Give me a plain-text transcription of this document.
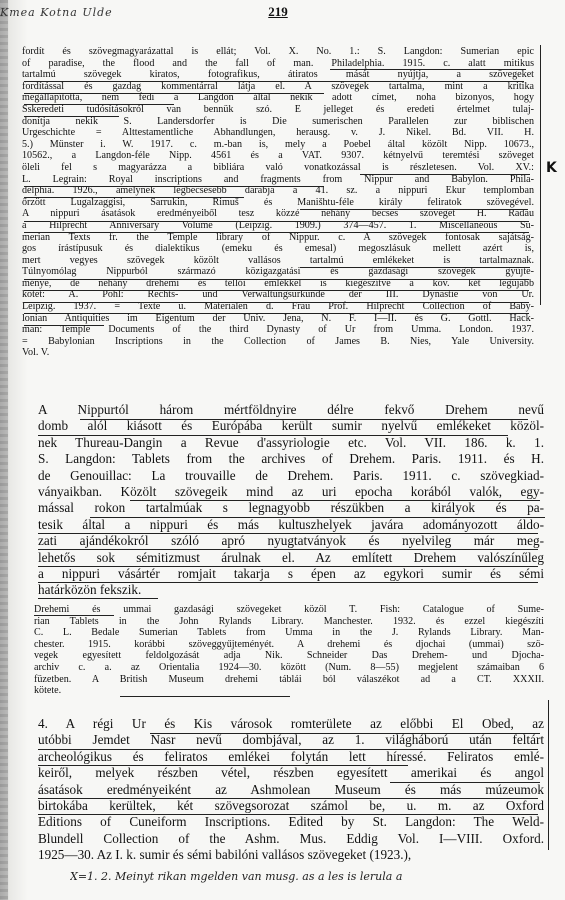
Kmea Kotna Ulde	219
fordít és szövegmagyarázattal is ellát; Vol. X. No. 1.: S. Langdon: Sumerian epic
of paradise, the flood and the fall of man. Philadelphia. 1915. c. alatt mitikus
tartalmú szövegek kiratos, fotografikus, átiratos mását nyújtja, a szövegeket
fordítással és gazdag kommentárral látja el. A szövegek tartalma, mint a kritika
megállapította, nem fedi a Langdon által nekik adott címet, noha bizonyos, hogy
Sskeredeti tudósításokról van bennük szó. E jelleget és eredeti értelmet tulaj-
donítja nekik S. Landersdorfer is Die sumerischen Parallelen zur biblischen
Urgeschichte = Alttestamentliche Abhandlungen, herausg. v. J. Nikel. Bd. VII. H.
5.) Münster i. W. 1917. c. m.-ban is, mely a Poebel által közölt Nipp. 10673.,
10562., a Langdon-féle Nipp. 4561 és a VAT. 9307. kétnyelvű teremtési szöveget
öleli fel s magyarázza a bibliára való vonatkozással is részletesen. Vol. XV.:
L. Legrain: Royal inscriptions and fragments from Nippur and Babylon. Phila-
delphia. 1926., amelynek legbecsesebb darabja a 41. sz. a nippuri Ekur templomban
őrzött Lugalzaggisi, Sarrukin, Rimuš és Manišhtu-féle király feliratok szövegével.
A nippuri ásatások eredményeiből tesz közzé nehány becses szöveget H. Radau
a Hilprecht Anniversary Volume (Leipzig. 1909.) 374—457. 1. Miscellaneous Su-
merian Texts fr. the Temple library of Nippur. c. A szövegek fontosak sajátság-
gos írástípusuk és dialektikus (emeku és emesal) megoszlásuk mellett azért is,
mert vegyes szövegek közölt vallásos tartalmú emlékeket is tartalmaznak.
Túlnyomólag Nippurból származó közigazgatási és gazdasági szövegek gyűjte-
ménye, de nehány drehemi és tellói emlékkel is kiegészítve a köv. két legújabb
kötet: A. Pohl: Rechts- und Verwaltungsurkunde der III. Dynastie von Ur.
Leipzig. 1937. = Texte u. Materialen d. Frau Prof. Hilprecht Collection of Baby-
lonian Antiquities im Eigentum der Univ. Jena, N. F. I—II. és G. Gottl. Hack-
man: Temple Documents of the third Dynasty of Ur from Umma. London. 1937.
= Babylonian Inscriptions in the Collection of James B. Nies, Yale University.
Vol. V.
A Nippurtól három mértföldnyire délre fekvő Drehem nevű
domb alól kiásott és Európába került sumir nyelvű emlékeket közöl-
nek Thureau-Dangin a Revue d'assyriologie etc. Vol. VII. 186. k. 1.
S. Langdon: Tablets from the archives of Drehem. Paris. 1911. és H.
de Genouillac: La trouvaille de Drehem. Paris. 1911. c. szövegkiad-
ványaikban. Közölt szövegeik mind az uri epocha korából valók, egy-
mással rokon tartalmúak s legnagyobb részükben a királyok és pa-
tesik által a nippuri és más kultuszhelyek javára adományozott áldo-
zati ajándékokról szóló apró nyugtatványok és nyelvileg már meg-
lehetős sok sémitizmust árulnak el. Az említett Drehem valószínűleg
a nippuri vásártér romjait takarja s épen az egykori sumir és sémi
határközön fekszik.
Drehemi és ummai gazdasági szövegeket közöl T. Fish: Catalogue of Sume-
rian Tablets in the John Rylands Library. Manchester. 1932. és ezzel kiegészíti
C. L. Bedale Sumerian Tablets from Umma in the J. Rylands Library. Man-
chester. 1915. korábbi szöveggyűjteményét. A drehemi és djochai (ummai) szö-
vegek egyesített feldolgozását adja Nik. Schneider Das Drehem- und Djocha-
archiv c. a. az Orientalia 1924—30. között (Num. 8—55) megjelent számaiban 6
füzetben. A British Museum drehemi táblái ból válaszékot ad a CT. XXXII.
kötete.
4. A régi Ur és Kis városok romterülete az előbbi El Obed, az
utóbbi Jemdet Nasr nevű dombjával, az 1. világháború után feltárt
archeológikus és feliratos emlékei folytán lett híressé. Feliratos emlé-
keiről, melyek részben vétel, részben egyesített amerikai és angol
ásatások eredményeiként az Ashmolean Museum és más múzeumok
birtokába kerültek, két szövegsorozat számol be, u. m. az Oxford
Editions of Cuneiform Inscriptions. Edited by St. Langdon: The Weld-
Blundell Collection of the Ashm. Mus. Eddig Vol. I—VIII. Oxford.
1925—30. Az I. k. sumir és sémi babilóni vallásos szövegeket (1923.),
K
X=1. 2. Meinyt rikan mgelden van musg. as a les is lerula a
